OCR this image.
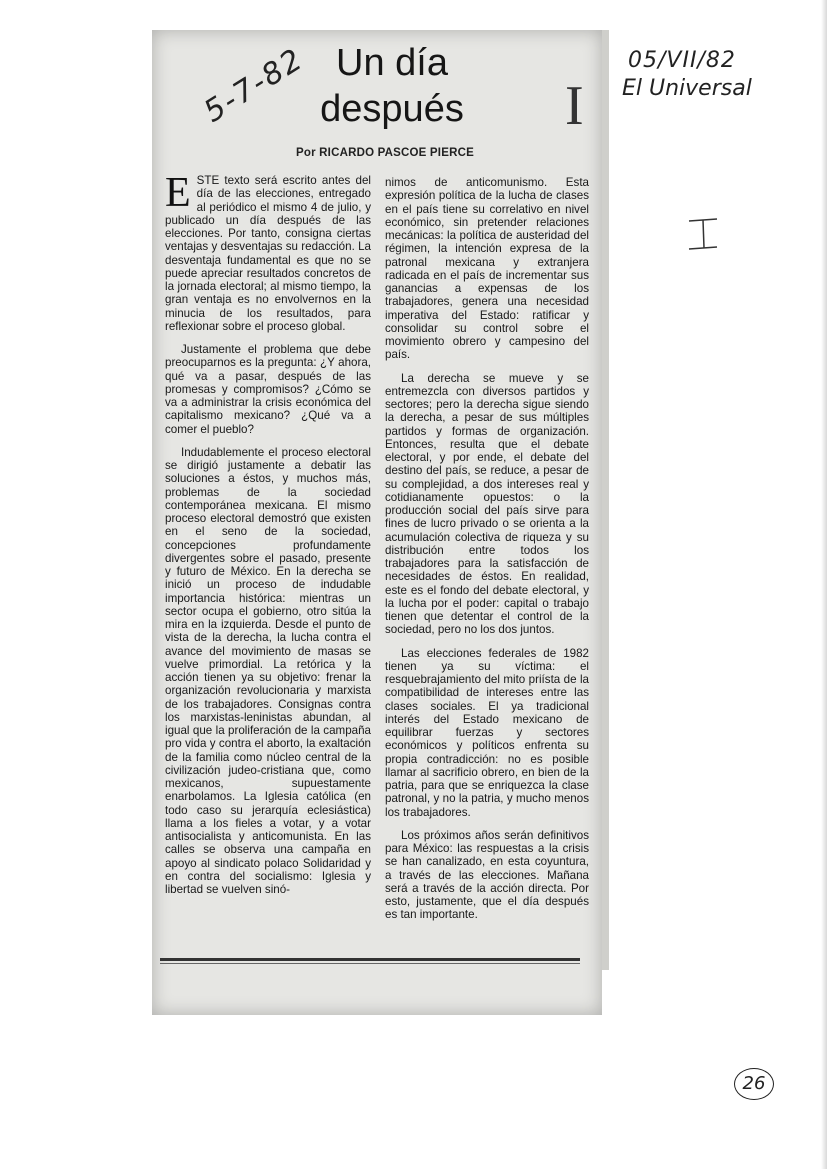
Un día
después	I
Por RICARDO PASCOE PIERCE

ESTE texto será escrito antes del día de las elecciones, entregado al periódico el mismo 4 de julio, y publicado un día después de las elecciones. Por tanto, consigna ciertas ventajas y desventajas su redacción. La desventaja fundamental es que no se puede apreciar resultados concretos de la jornada electoral; al mismo tiempo, la gran ventaja es no envolvernos en la minucia de los resultados, para reflexionar sobre el proceso global.

Justamente el problema que debe preocuparnos es la pregunta: ¿Y ahora, qué va a pasar, después de las promesas y compromisos? ¿Cómo se va a administrar la crisis económica del capitalismo mexicano? ¿Qué va a comer el pueblo?

Indudablemente el proceso electoral se dirigió justamente a debatir las soluciones a éstos, y muchos más, problemas de la sociedad contemporánea mexicana. El mismo proceso electoral demostró que existen en el seno de la sociedad, concepciones profundamente divergentes sobre el pasado, presente y futuro de México. En la derecha se inició un proceso de indudable importancia histórica: mientras un sector ocupa el gobierno, otro sitúa la mira en la izquierda. Desde el punto de vista de la derecha, la lucha contra el avance del movimiento de masas se vuelve primordial. La retórica y la acción tienen ya su objetivo: frenar la organización revolucionaria y marxista de los trabajadores. Consignas contra los marxistas-leninistas abundan, al igual que la proliferación de la campaña pro vida y contra el aborto, la exaltación de la familia como núcleo central de la civilización judeo-cristiana que, como mexicanos, supuestamente enarbolamos. La Iglesia católica (en todo caso su jerarquía eclesiástica) llama a los fieles a votar, y a votar antisocialista y anticomunista. En las calles se observa una campaña en apoyo al sindicato polaco Solidaridad y en contra del socialismo: Iglesia y libertad se vuelven sinó-

nimos de anticomunismo. Esta expresión política de la lucha de clases en el país tiene su correlativo en nivel económico, sin pretender relaciones mecánicas: la política de austeridad del régimen, la intención expresa de la patronal mexicana y extranjera radicada en el país de incrementar sus ganancias a expensas de los trabajadores, genera una necesidad imperativa del Estado: ratificar y consolidar su control sobre el movimiento obrero y campesino del país.

La derecha se mueve y se entremezcla con diversos partidos y sectores; pero la derecha sigue siendo la derecha, a pesar de sus múltiples partidos y formas de organización. Entonces, resulta que el debate electoral, y por ende, el debate del destino del país, se reduce, a pesar de su complejidad, a dos intereses real y cotidianamente opuestos: o la producción social del país sirve para fines de lucro privado o se orienta a la acumulación colectiva de riqueza y su distribución entre todos los trabajadores para la satisfacción de necesidades de éstos. En realidad, este es el fondo del debate electoral, y la lucha por el poder: capital o trabajo tienen que detentar el control de la sociedad, pero no los dos juntos.

Las elecciones federales de 1982 tienen ya su víctima: el resquebrajamiento del mito priísta de la compatibilidad de intereses entre las clases sociales. El ya tradicional interés del Estado mexicano de equilibrar fuerzas y sectores económicos y políticos enfrenta su propia contradicción: no es posible llamar al sacrificio obrero, en bien de la patria, para que se enriquezca la clase patronal, y no la patria, y mucho menos los trabajadores.

Los próximos años serán definitivos para México: las respuestas a la crisis se han canalizado, en esta coyuntura, a través de las elecciones. Mañana será a través de la acción directa. Por esto, justamente, que el día después es tan importante.

5-7-82	05/VII/82
El Universal
26
